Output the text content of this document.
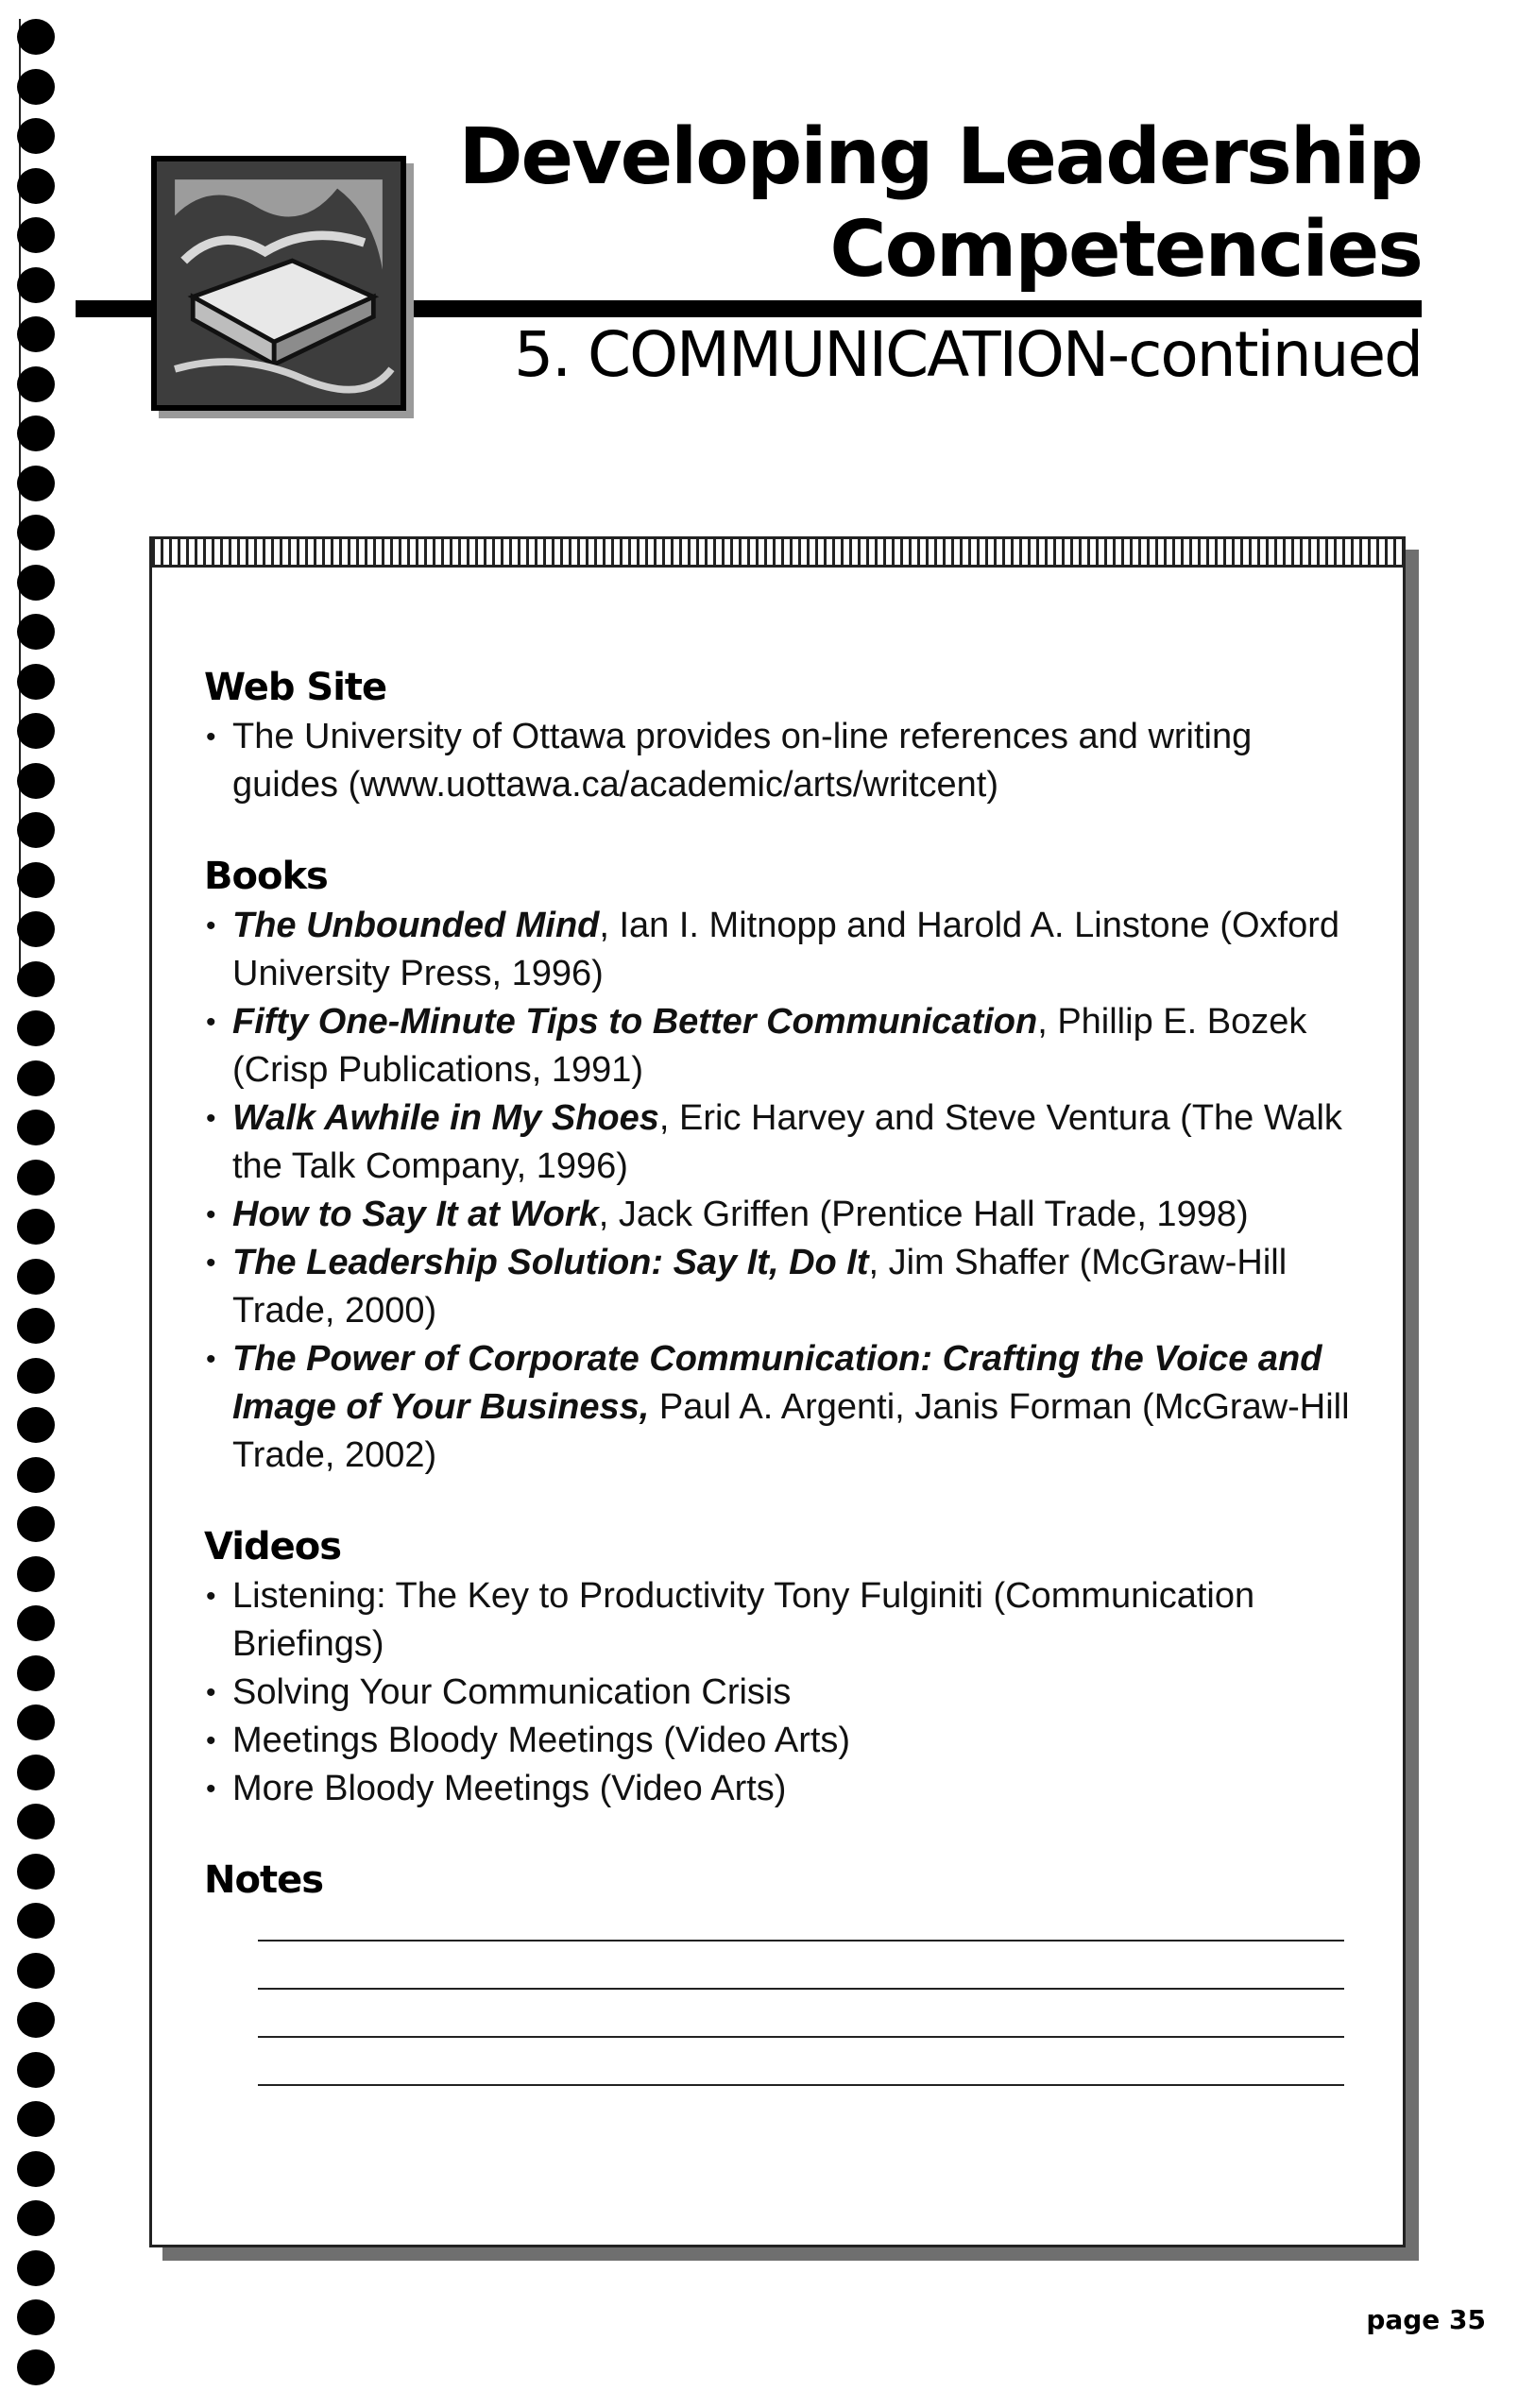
Developing Leadership
Competencies
5. COMMUNICATION-continued
Web Site
• The University of Ottawa provides on-line references and writing guides (www.uottawa.ca/academic/arts/writcent)
Books
• The Unbounded Mind, Ian I. Mitnopp and Harold A. Linstone (Oxford University Press, 1996)
• Fifty One-Minute Tips to Better Communication, Phillip E. Bozek (Crisp Publications, 1991)
• Walk Awhile in My Shoes, Eric Harvey and Steve Ventura (The Walk the Talk Company, 1996)
• How to Say It at Work, Jack Griffen (Prentice Hall Trade, 1998)
• The Leadership Solution: Say It, Do It, Jim Shaffer (McGraw-Hill Trade, 2000)
• The Power of Corporate Communication: Crafting the Voice and Image of Your Business, Paul A. Argenti, Janis Forman (McGraw-Hill Trade, 2002)
Videos
• Listening: The Key to Productivity Tony Fulginiti (Communication Briefings)
• Solving Your Communication Crisis
• Meetings Bloody Meetings (Video Arts)
• More Bloody Meetings (Video Arts)
Notes
page 35
